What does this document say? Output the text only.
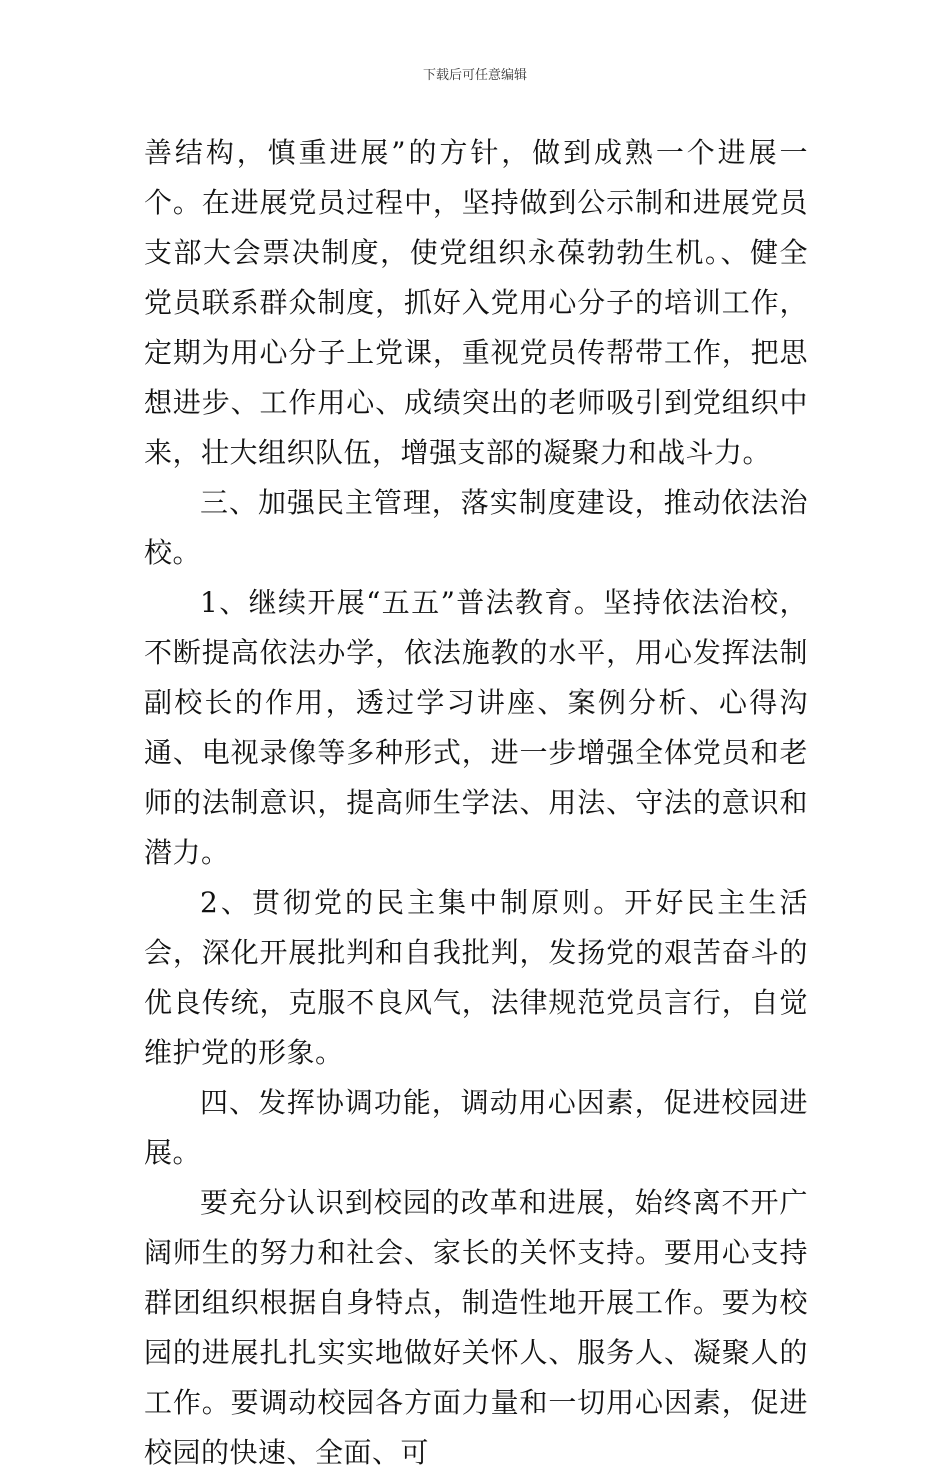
下载后可任意编辑

善结构，慎重进展”的方针，做到成熟一个进展一个。在进展党员过程中，坚持做到公示制和进展党员支部大会票决制度，使党组织永葆勃勃生机。、健全党员联系群众制度，抓好入党用心分子的培训工作，定期为用心分子上党课，重视党员传帮带工作，把思想进步、工作用心、成绩突出的老师吸引到党组织中来，壮大组织队伍，增强支部的凝聚力和战斗力。

三、加强民主管理，落实制度建设，推动依法治校。

1、继续开展“五五”普法教育。坚持依法治校，不断提高依法办学，依法施教的水平，用心发挥法制副校长的作用，透过学习讲座、案例分析、心得沟通、电视录像等多种形式，进一步增强全体党员和老师的法制意识，提高师生学法、用法、守法的意识和潜力。

2、贯彻党的民主集中制原则。开好民主生活会，深化开展批判和自我批判，发扬党的艰苦奋斗的优良传统，克服不良风气，法律规范党员言行，自觉维护党的形象。

四、发挥协调功能，调动用心因素，促进校园进展。

要充分认识到校园的改革和进展，始终离不开广阔师生的努力和社会、家长的关怀支持。要用心支持群团组织根据自身特点，制造性地开展工作。要为校园的进展扎扎实实地做好关怀人、服务人、凝聚人的工作。要调动校园各方面力量和一切用心因素，促进校园的快速、全面、可
